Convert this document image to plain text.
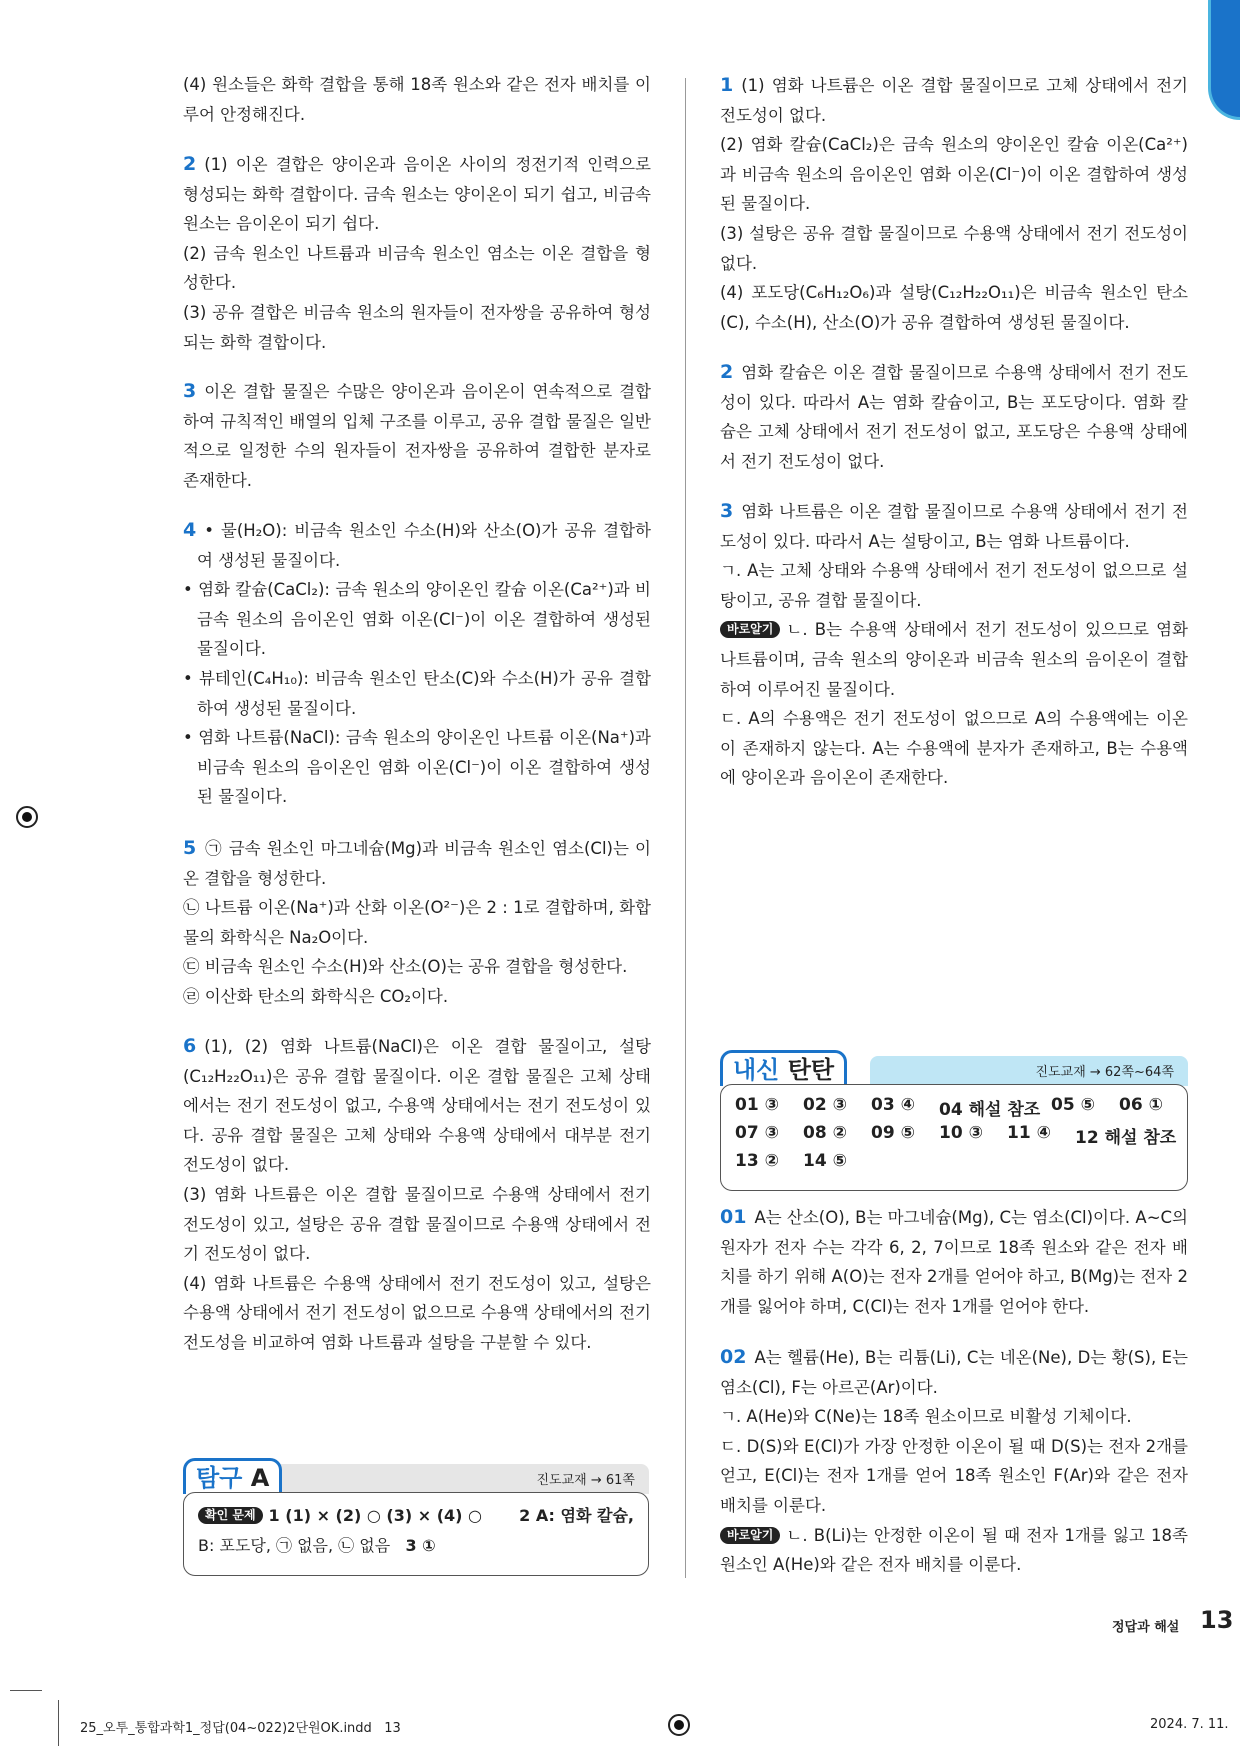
(4) 원소들은 화학 결합을 통해 18족 원소와 같은 전자 배치를 이루어 안정해진다.

2 (1) 이온 결합은 양이온과 음이온 사이의 정전기적 인력으로 형성되는 화학 결합이다. 금속 원소는 양이온이 되기 쉽고, 비금속 원소는 음이온이 되기 쉽다.

(2) 금속 원소인 나트륨과 비금속 원소인 염소는 이온 결합을 형성한다.

(3) 공유 결합은 비금속 원소의 원자들이 전자쌍을 공유하여 형성되는 화학 결합이다.

3 이온 결합 물질은 수많은 양이온과 음이온이 연속적으로 결합하여 규칙적인 배열의 입체 구조를 이루고, 공유 결합 물질은 일반적으로 일정한 수의 원자들이 전자쌍을 공유하여 결합한 분자로 존재한다.

4 • 물(H₂O): 비금속 원소인 수소(H)와 산소(O)가 공유 결합하여 생성된 물질이다.

• 염화 칼슘(CaCl₂): 금속 원소의 양이온인 칼슘 이온(Ca²⁺)과 비금속 원소의 음이온인 염화 이온(Cl⁻)이 이온 결합하여 생성된 물질이다.

• 뷰테인(C₄H₁₀): 비금속 원소인 탄소(C)와 수소(H)가 공유 결합하여 생성된 물질이다.

• 염화 나트륨(NaCl): 금속 원소의 양이온인 나트륨 이온(Na⁺)과 비금속 원소의 음이온인 염화 이온(Cl⁻)이 이온 결합하여 생성된 물질이다.

5 ㉠ 금속 원소인 마그네슘(Mg)과 비금속 원소인 염소(Cl)는 이온 결합을 형성한다.

㉡ 나트륨 이온(Na⁺)과 산화 이온(O²⁻)은 2 : 1로 결합하며, 화합물의 화학식은 Na₂O이다.

㉢ 비금속 원소인 수소(H)와 산소(O)는 공유 결합을 형성한다.

㉣ 이산화 탄소의 화학식은 CO₂이다.

6 (1), (2) 염화 나트륨(NaCl)은 이온 결합 물질이고, 설탕(C₁₂H₂₂O₁₁)은 공유 결합 물질이다. 이온 결합 물질은 고체 상태에서는 전기 전도성이 없고, 수용액 상태에서는 전기 전도성이 있다. 공유 결합 물질은 고체 상태와 수용액 상태에서 대부분 전기 전도성이 없다.

(3) 염화 나트륨은 이온 결합 물질이므로 수용액 상태에서 전기 전도성이 있고, 설탕은 공유 결합 물질이므로 수용액 상태에서 전기 전도성이 없다.

(4) 염화 나트륨은 수용액 상태에서 전기 전도성이 있고, 설탕은 수용액 상태에서 전기 전도성이 없으므로 수용액 상태에서의 전기 전도성을 비교하여 염화 나트륨과 설탕을 구분할 수 있다.

진도교재 → 61쪽
탐구 A
확인 문제 1 (1) × (2) ○ (3) × (4) ○ 2 A: 염화 칼슘,
B: 포도당, ㉠ 없음, ㉡ 없음 3 ①

1 (1) 염화 나트륨은 이온 결합 물질이므로 고체 상태에서 전기 전도성이 없다.

(2) 염화 칼슘(CaCl₂)은 금속 원소의 양이온인 칼슘 이온(Ca²⁺)과 비금속 원소의 음이온인 염화 이온(Cl⁻)이 이온 결합하여 생성된 물질이다.

(3) 설탕은 공유 결합 물질이므로 수용액 상태에서 전기 전도성이 없다.

(4) 포도당(C₆H₁₂O₆)과 설탕(C₁₂H₂₂O₁₁)은 비금속 원소인 탄소(C), 수소(H), 산소(O)가 공유 결합하여 생성된 물질이다.

2 염화 칼슘은 이온 결합 물질이므로 수용액 상태에서 전기 전도성이 있다. 따라서 A는 염화 칼슘이고, B는 포도당이다. 염화 칼슘은 고체 상태에서 전기 전도성이 없고, 포도당은 수용액 상태에서 전기 전도성이 없다.

3 염화 나트륨은 이온 결합 물질이므로 수용액 상태에서 전기 전도성이 있다. 따라서 A는 설탕이고, B는 염화 나트륨이다.

ㄱ. A는 고체 상태와 수용액 상태에서 전기 전도성이 없으므로 설탕이고, 공유 결합 물질이다.

바로알기 ㄴ. B는 수용액 상태에서 전기 전도성이 있으므로 염화 나트륨이며, 금속 원소의 양이온과 비금속 원소의 음이온이 결합하여 이루어진 물질이다.

ㄷ. A의 수용액은 전기 전도성이 없으므로 A의 수용액에는 이온이 존재하지 않는다. A는 수용액에 분자가 존재하고, B는 수용액에 양이온과 음이온이 존재한다.

진도교재 → 62쪽~64쪽
내신 탄탄
01 ③ 02 ③ 03 ④ 04 해설 참조 05 ⑤ 06 ①
07 ③ 08 ② 09 ⑤ 10 ③ 11 ④ 12 해설 참조
13 ② 14 ⑤

01 A는 산소(O), B는 마그네슘(Mg), C는 염소(Cl)이다. A~C의 원자가 전자 수는 각각 6, 2, 7이므로 18족 원소와 같은 전자 배치를 하기 위해 A(O)는 전자 2개를 얻어야 하고, B(Mg)는 전자 2개를 잃어야 하며, C(Cl)는 전자 1개를 얻어야 한다.

02 A는 헬륨(He), B는 리튬(Li), C는 네온(Ne), D는 황(S), E는 염소(Cl), F는 아르곤(Ar)이다.

ㄱ. A(He)와 C(Ne)는 18족 원소이므로 비활성 기체이다.

ㄷ. D(S)와 E(Cl)가 가장 안정한 이온이 될 때 D(S)는 전자 2개를 얻고, E(Cl)는 전자 1개를 얻어 18족 원소인 F(Ar)와 같은 전자 배치를 이룬다.

바로알기 ㄴ. B(Li)는 안정한 이온이 될 때 전자 1개를 잃고 18족 원소인 A(He)와 같은 전자 배치를 이룬다.

정답과 해설 13
25_오투_통합과학1_정답(04~022)2단원OK.indd   13	2024. 7. 11.
